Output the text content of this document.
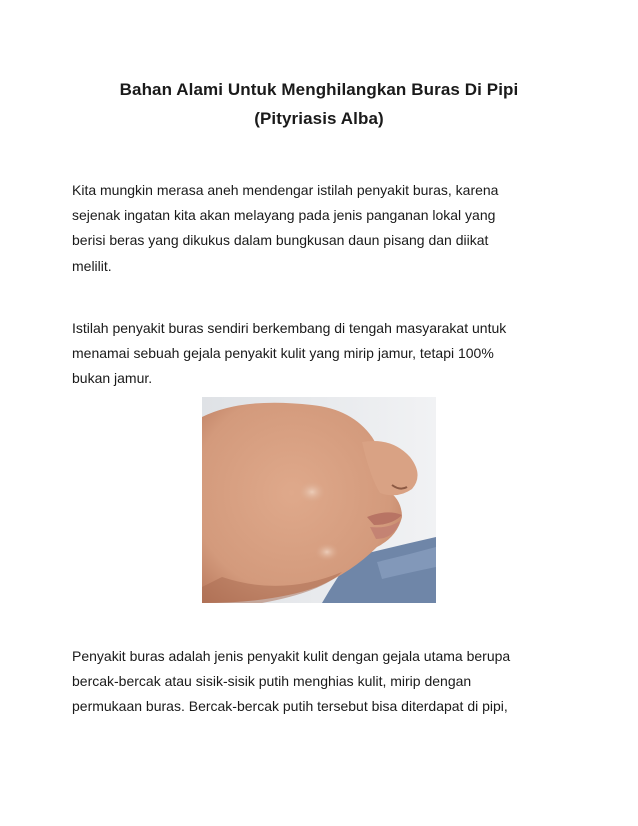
Bahan Alami Untuk Menghilangkan Buras Di Pipi
(Pityriasis Alba)
Kita mungkin merasa aneh mendengar istilah penyakit buras, karena
sejenak ingatan kita akan melayang pada jenis panganan lokal yang
berisi beras yang dikukus dalam bungkusan daun pisang dan diikat
melilit.
Istilah penyakit buras sendiri berkembang di tengah masyarakat untuk
menamai sebuah gejala penyakit kulit yang mirip jamur, tetapi 100%
bukan jamur.
Penyakit buras adalah jenis penyakit kulit dengan gejala utama berupa
bercak-bercak atau sisik-sisik putih menghias kulit, mirip dengan
permukaan buras. Bercak-bercak putih tersebut bisa diterdapat di pipi,
